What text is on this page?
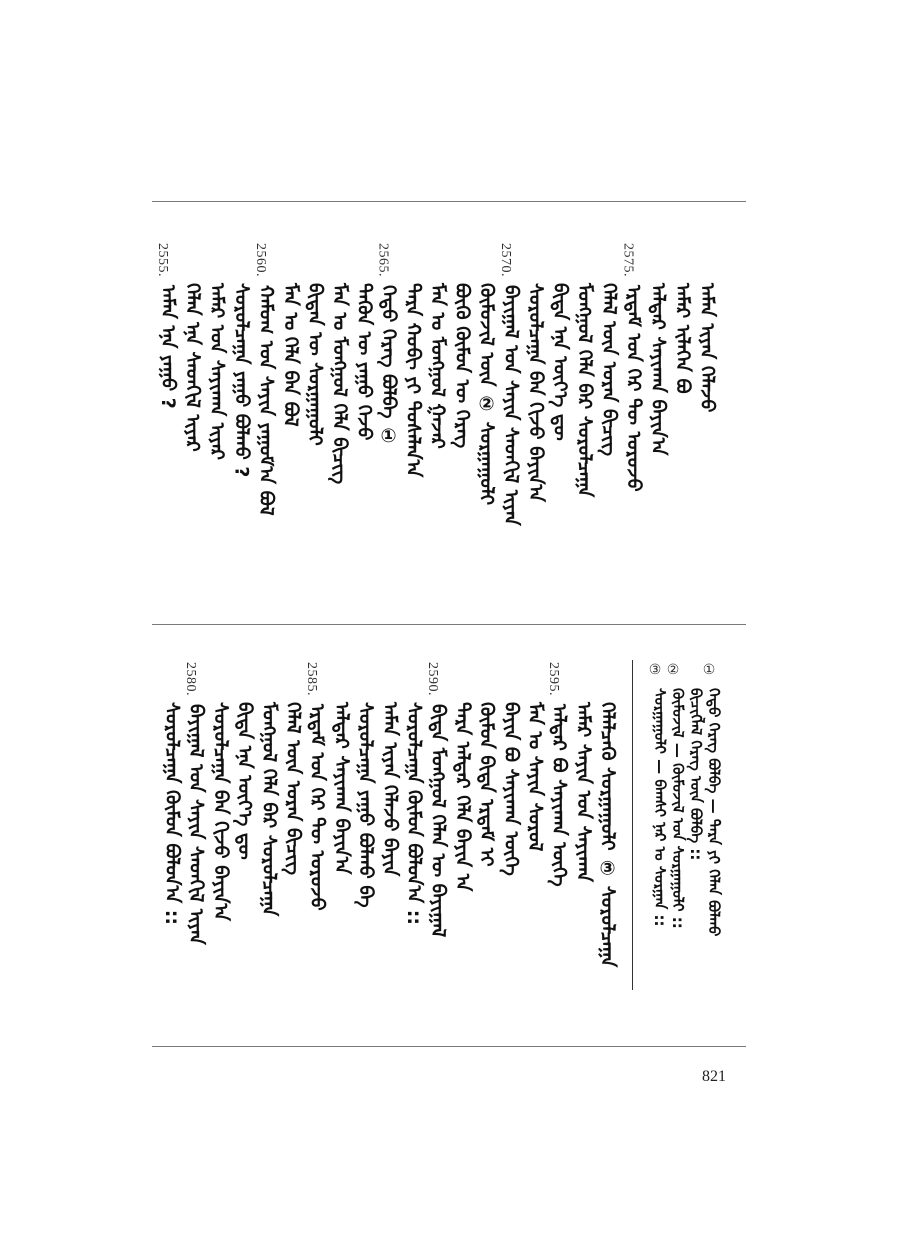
2555.
ᠠᠮᠠᠨ ᠡᠨᠡ ᠶᠠᠭᠤ ? ᠬᠡᠯᠡᠨ ᠡᠨᠡ ᠰᠡᠳᠬᠢᠯ ᠢᠶᠡᠷ ᠠᠮᠠᠷ ᠤᠨ ᠰᠠᠶᠢᠬᠠᠨ ᠢᠶᠡᠷ ᠰᠤᠷᠤᠯᠴᠠᠭᠠ ᠶᠠᠭᠤ ᠪᠣᠯᠬᠤ ?
2560.
ᠬᠠᠮᠤᠭ ᠤᠨ ᠰᠠᠶᠢᠨ ᠶᠠᠭᠤᠮ᠎ᠠ ᠪᠣᠯ ᠮᠠᠨ ᠤ ᠬᠡᠯᠡ ᠪᠠᠨ ᠪᠣᠯ ᠪᠢᠳᠡᠨ ᠦ ᠰᠤᠷᠭᠠᠭᠤᠯᠢ ᠮᠠᠨ ᠤ ᠮᠣᠩᠭᠣᠯ ᠬᠡᠯᠡ ᠪᠢᠴᠢᠭ ᠲᠡᠭᠦᠨ ᠦ ᠶᠠᠭᠤ ᠭᠡᠵᠦ
2565.
ᠬᠡᠳᠦ ᠬᠡᠷᠡᠭ ᠪᠣᠯᠪᠠ ① ᠲᠡᠷᠡ ᠬᠤᠪᠢ ᠶᠢ ᠲᠤᠰᠠᠯᠠᠨ᠎ᠠ ᠮᠠᠨ ᠤ ᠮᠣᠩᠭᠣᠯ ᠭᠠᠵᠠᠷ ᠪᠦᠬᠦ ᠬᠦᠮᠦᠨ ᠦ ᠬᠡᠷᠡᠭ ᠬᠦᠮᠦᠵᠢᠯ ᠦᠨ ② ᠰᠤᠷᠭᠠᠭᠤᠯᠢ
2570.
ᠪᠠᠶᠢᠭᠠᠯ ᠤᠨ ᠰᠠᠶᠢᠨ ᠰᠡᠳᠬᠢᠯ ᠢᠶᠡᠨ ᠰᠤᠷᠤᠯᠴᠠᠭᠠ ᠪᠡᠨ ᠬᠢᠵᠦ ᠪᠠᠶᠢᠨ᠎ᠠ ᠪᠢᠳᠡ ᠡᠨᠡ ᠦᠶ᠎ᠡ ᠳᠦ ᠮᠣᠩᠭᠣᠯ ᠬᠡᠯᠡ ᠪᠡᠷ ᠰᠤᠷᠤᠯᠴᠠᠭᠠ ᠬᠡᠯᠡᠯ ᠦᠨ ᠤᠷᠠᠨ ᠪᠢᠴᠢᠭ
2575.
ᠡᠷᠳᠡᠮ ᠤᠨ ᠭᠡᠷ ᠲᠦ ᠣᠷᠣᠵᠤ ᠠᠯᠳᠠᠷ ᠰᠠᠶᠢᠬᠠᠨ ᠪᠠᠶᠢᠨ᠎ᠠ ᠠᠮᠠᠷ ᠢᠯᠡᠭᠡᠨ ᠪᠤ ᠠᠮᠠᠨ ᠢᠶᠡᠨ ᠬᠡᠯᠡᠵᠦ
③
ᠰᠤᠷᠭᠠᠭᠤᠯᠢ — ᠪᠠᠭᠰᠢ ᠨᠠᠷ ᠤ ᠰᠤᠷᠭᠠᠨ ::
②
ᠬᠦᠮᠦᠵᠢᠯ — ᠬᠦᠮᠦᠵᠢᠯ ᠤᠨ ᠰᠤᠷᠭᠠᠭᠤᠯᠢ :: ᠪᠢᠴᠢᠭᠯᠡᠯ ᠬᠡᠷᠡᠭ ᠦᠨ ᠪᠣᠯᠪᠠ ::
①
ᠬᠡᠳᠦ ᠬᠡᠷᠡᠭ ᠪᠣᠯᠪᠠ — ᠲᠡᠷᠡ ᠶᠢ ᠬᠡᠯᠡᠨ ᠪᠣᠯᠬᠤ
ᠰᠤᠷᠤᠯᠴᠠᠭᠠ ᠬᠦᠮᠦᠨ ᠪᠣᠯᠤᠨ᠎ᠠ ::
2580.
ᠪᠠᠶᠢᠭᠠᠯ ᠤᠨ ᠰᠠᠶᠢᠨ ᠰᠡᠳᠬᠢᠯ ᠢᠶᠡᠨ ᠰᠤᠷᠤᠯᠴᠠᠭᠠ ᠪᠡᠨ ᠬᠢᠵᠦ ᠪᠠᠶᠢᠨ᠎ᠠ ᠪᠢᠳᠡ ᠡᠨᠡ ᠦᠶ᠎ᠡ ᠳᠦ ᠮᠣᠩᠭᠣᠯ ᠬᠡᠯᠡ ᠪᠡᠷ ᠰᠤᠷᠤᠯᠴᠠᠭᠠ ᠬᠡᠯᠡᠯ ᠦᠨ ᠤᠷᠠᠨ ᠪᠢᠴᠢᠭ
2585.
ᠡᠷᠳᠡᠮ ᠤᠨ ᠭᠡᠷ ᠲᠦ ᠣᠷᠣᠵᠤ ᠠᠯᠳᠠᠷ ᠰᠠᠶᠢᠬᠠᠨ ᠪᠠᠶᠢᠨ᠎ᠠ ᠰᠤᠷᠤᠯᠴᠠᠭᠠ ᠶᠠᠭᠤ ᠪᠣᠯᠬᠤ ᠪᠠ ᠠᠮᠠᠨ ᠢᠶᠡᠨ ᠬᠡᠯᠡᠵᠦ ᠪᠠᠶᠢᠨ ᠰᠤᠷᠤᠯᠴᠠᠭᠠ ᠬᠦᠮᠦᠨ ᠪᠣᠯᠤᠨ᠎ᠠ ::
2590.
ᠪᠢᠳᠡ ᠮᠣᠩᠭᠣᠯ ᠬᠡᠯᠡᠨ ᠦ ᠪᠠᠶᠢᠭᠠᠯ ᠲᠡᠷᠡ ᠠᠯᠳᠠᠷ ᠬᠡᠯᠡ ᠪᠠᠶᠢᠨ ᠠ ᠬᠦᠮᠦᠨ ᠪᠢᠳᠡ ᠡᠷᠳᠡᠮ ᠢ ᠪᠠᠶᠢᠨ ᠪᠤ ᠰᠠᠶᠢᠬᠠᠨ ᠦᠭᠡ ᠮᠠᠨ ᠤ ᠰᠠᠶᠢᠨ ᠰᠤᠷᠤᠯ
2595.
ᠠᠯᠳᠠᠷ ᠪᠤ ᠰᠠᠶᠢᠬᠠᠨ ᠦᠭᠡ ᠠᠮᠠᠷ ᠰᠠᠶᠢᠨ ᠤᠨ ᠰᠠᠶᠢᠬᠠᠨ ᠬᠡᠯᠡᠯᠴᠡᠬᠦ ᠰᠤᠷᠭᠠᠭᠤᠯᠢ ③ ᠰᠤᠷᠤᠯᠴᠠᠭᠠ
821
